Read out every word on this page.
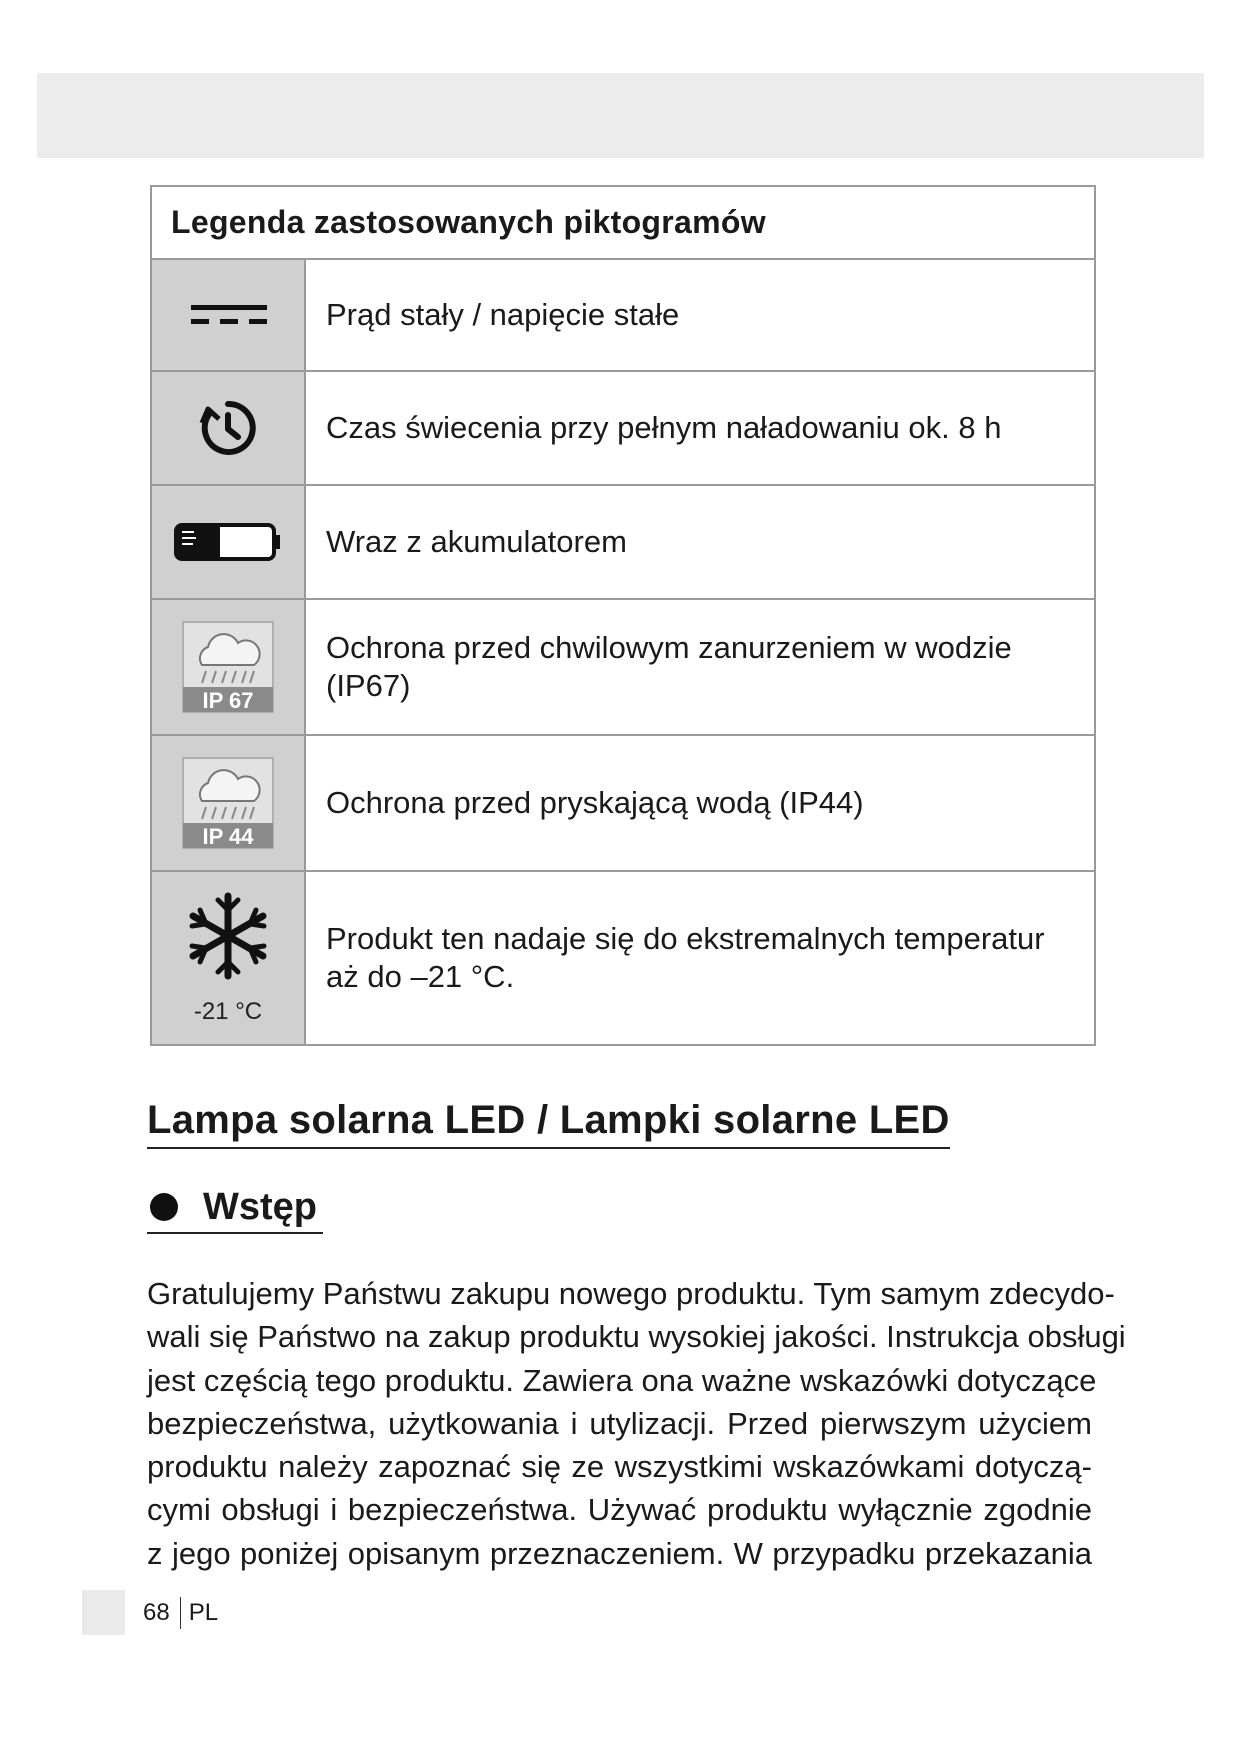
Legenda zastosowanych piktogramów
Prąd stały / napięcie stałe
Czas świecenia przy pełnym naładowaniu ok. 8 h
Wraz z akumulatorem
IP 67
Ochrona przed chwilowym zanurzeniem w wodzie (IP67)
IP 44
Ochrona przed pryskającą wodą (IP44)
-21 °C
Produkt ten nadaje się do ekstremalnych temperatur aż do –21 °C.
Lampa solarna LED / Lampki solarne LED
Wstęp
Gratulujemy Państwu zakupu nowego produktu. Tym samym zdecydo-
wali się Państwo na zakup produktu wysokiej jakości. Instrukcja obsługi
jest częścią tego produktu. Zawiera ona ważne wskazówki dotyczące
bezpieczeństwa, użytkowania i utylizacji. Przed pierwszym użyciem
produktu należy zapoznać się ze wszystkimi wskazówkami dotyczą-
cymi obsługi i bezpieczeństwa. Używać produktu wyłącznie zgodnie
z jego poniżej opisanym przeznaczeniem. W przypadku przekazania
68 PL
